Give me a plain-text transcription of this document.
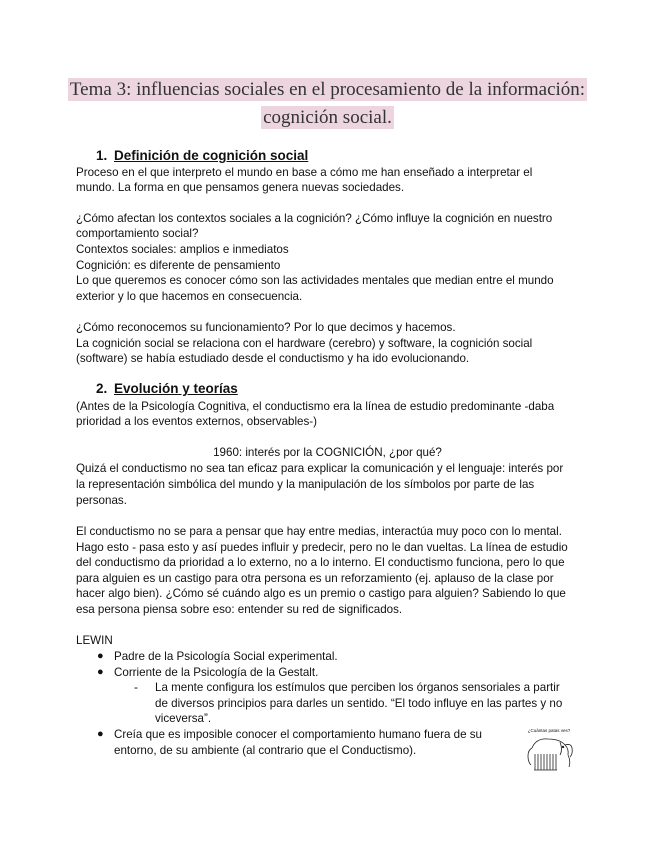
Tema 3: influencias sociales en el procesamiento de la información:
cognición social.
1. Definición de cognición social
Proceso en el que interpreto el mundo en base a cómo me han enseñado a interpretar el
mundo. La forma en que pensamos genera nuevas sociedades.
¿Cómo afectan los contextos sociales a la cognición? ¿Cómo influye la cognición en nuestro
comportamiento social?
Contextos sociales: amplios e inmediatos
Cognición: es diferente de pensamiento
Lo que queremos es conocer cómo son las actividades mentales que median entre el mundo
exterior y lo que hacemos en consecuencia.
¿Cómo reconocemos su funcionamiento? Por lo que decimos y hacemos.
La cognición social se relaciona con el hardware (cerebro) y software, la cognición social
(software) se había estudiado desde el conductismo y ha ido evolucionando.
2. Evolución y teorías
(Antes de la Psicología Cognitiva, el conductismo era la línea de estudio predominante -daba
prioridad a los eventos externos, observables-)
1960: interés por la COGNICIÓN, ¿por qué?
Quizá el conductismo no sea tan eficaz para explicar la comunicación y el lenguaje: interés por
la representación simbólica del mundo y la manipulación de los símbolos por parte de las
personas.
El conductismo no se para a pensar que hay entre medias, interactúa muy poco con lo mental.
Hago esto - pasa esto y así puedes influir y predecir, pero no le dan vueltas. La línea de estudio
del conductismo da prioridad a lo externo, no a lo interno. El conductismo funciona, pero lo que
para alguien es un castigo para otra persona es un reforzamiento (ej. aplauso de la clase por
hacer algo bien). ¿Cómo sé cuándo algo es un premio o castigo para alguien? Sabiendo lo que
esa persona piensa sobre eso: entender su red de significados.
LEWIN
● Padre de la Psicología Social experimental.
● Corriente de la Psicología de la Gestalt.
- La mente configura los estímulos que perciben los órganos sensoriales a partir
de diversos principios para darles un sentido. “El todo influye en las partes y no
viceversa”.
● Creía que es imposible conocer el comportamiento humano fuera de su
entorno, de su ambiente (al contrario que el Conductismo).
¿Cuántas patas ves?
